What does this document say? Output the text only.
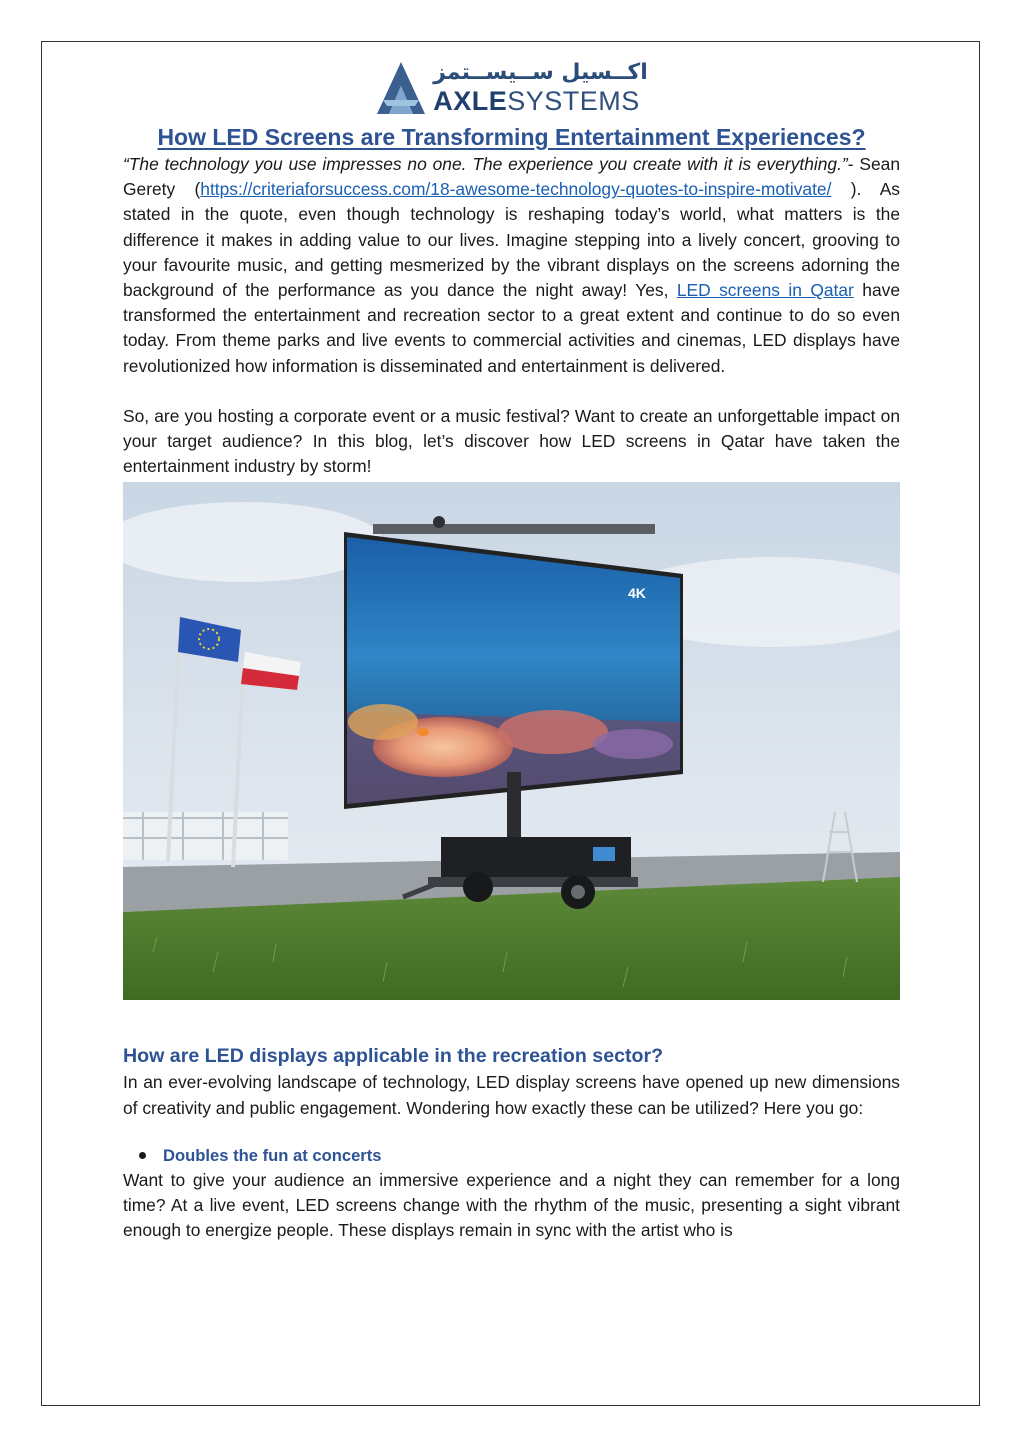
اكــسيل ســيســتمز
AXLESYSTEMS
How LED Screens are Transforming Entertainment Experiences?

“The technology you use impresses no one. The experience you create with it is everything.”- Sean Gerety (https://criteriaforsuccess.com/18-awesome-technology-quotes-to-inspire-motivate/ ). As stated in the quote, even though technology is reshaping today’s world, what matters is the difference it makes in adding value to our lives. Imagine stepping into a lively concert, grooving to your favourite music, and getting mesmerized by the vibrant displays on the screens adorning the background of the performance as you dance the night away! Yes, LED screens in Qatar have transformed the entertainment and recreation sector to a great extent and continue to do so even today. From theme parks and live events to commercial activities and cinemas, LED displays have revolutionized how information is disseminated and entertainment is delivered.

So, are you hosting a corporate event or a music festival? Want to create an unforgettable impact on your target audience? In this blog, let’s discover how LED screens in Qatar have taken the entertainment industry by storm!

4K
How are LED displays applicable in the recreation sector?

In an ever-evolving landscape of technology, LED display screens have opened up new dimensions of creativity and public engagement. Wondering how exactly these can be utilized? Here you go:

Doubles the fun at concerts

Want to give your audience an immersive experience and a night they can remember for a long time? At a live event, LED screens change with the rhythm of the music, presenting a sight vibrant enough to energize people. These displays remain in sync with the artist who is
